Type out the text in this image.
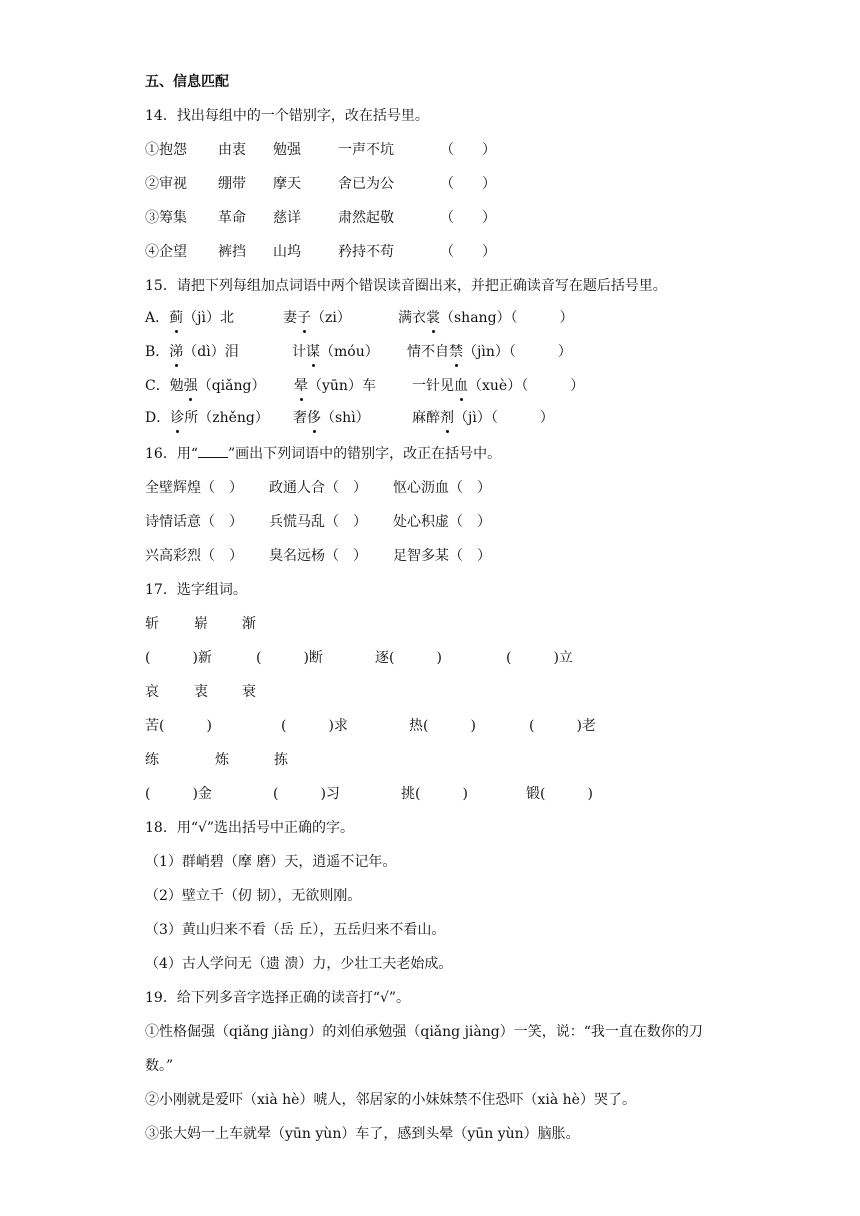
五、信息匹配
14．找出每组中的一个错别字，改在括号里。
①抱怨 由衷 勉强	一声不坑	（　　）
②审视 绷带 摩天	舍已为公	（　　）
③筹集 革命 慈详	肃然起敬	（　　）
④企望 裤挡 山坞	矜持不苟	（　　）
15．请把下列每组加点词语中两个错误读音圈出来，并把正确读音写在题后括号里。
A．蓟（jì）北	妻子（zi）	满衣裳（shang）（　　　）
B．涕（dì）泪	计谋（móu） 情不自禁（jìn）（　　　）
C．勉强（qiǎng） 晕（yūn）车	一针见血（xuè）（　　　）
D．诊所（zhěng） 奢侈（shì）	麻醉剂（jì）（　　　）
16．用“ ”画出下列词语中的错别字，改正在括号中。
全壁辉煌（　） 政通人合（　） 怄心沥血（　）
诗情话意（　） 兵慌马乱（　） 处心积虚（　）
兴高彩烈（　） 臭名远杨（　） 足智多某（　）
17．选字组词。
斩	崭 渐
(　　　)新	(　　　)断	逐(　　　)	(　　　)立
哀	衷 衰
苦(　　　)	(　　　)求	热(　　　)	(　　　)老
练	炼	拣
(　　　)金	(　　　)习	挑(　　　)	锻(　　　)
18．用“√”选出括号中正确的字。
（1）群峭碧（摩 磨）天，逍遥不记年。
（2）壁立千（仞 韧），无欲则刚。
（3）黄山归来不看（岳 丘），五岳归来不看山。
（4）古人学问无（遗 溃）力，少壮工夫老始成。
19．给下列多音字选择正确的读音打“√”。
①性格倔强（qiǎng jiàng）的刘伯承勉强（qiǎng jiàng）一笑，说：“我一直在数你的刀
数。”
②小刚就是爱吓（xià hè）唬人，邻居家的小妹妹禁不住恐吓（xià hè）哭了。
③张大妈一上车就晕（yūn yùn）车了，感到头晕（yūn yùn）脑胀。
